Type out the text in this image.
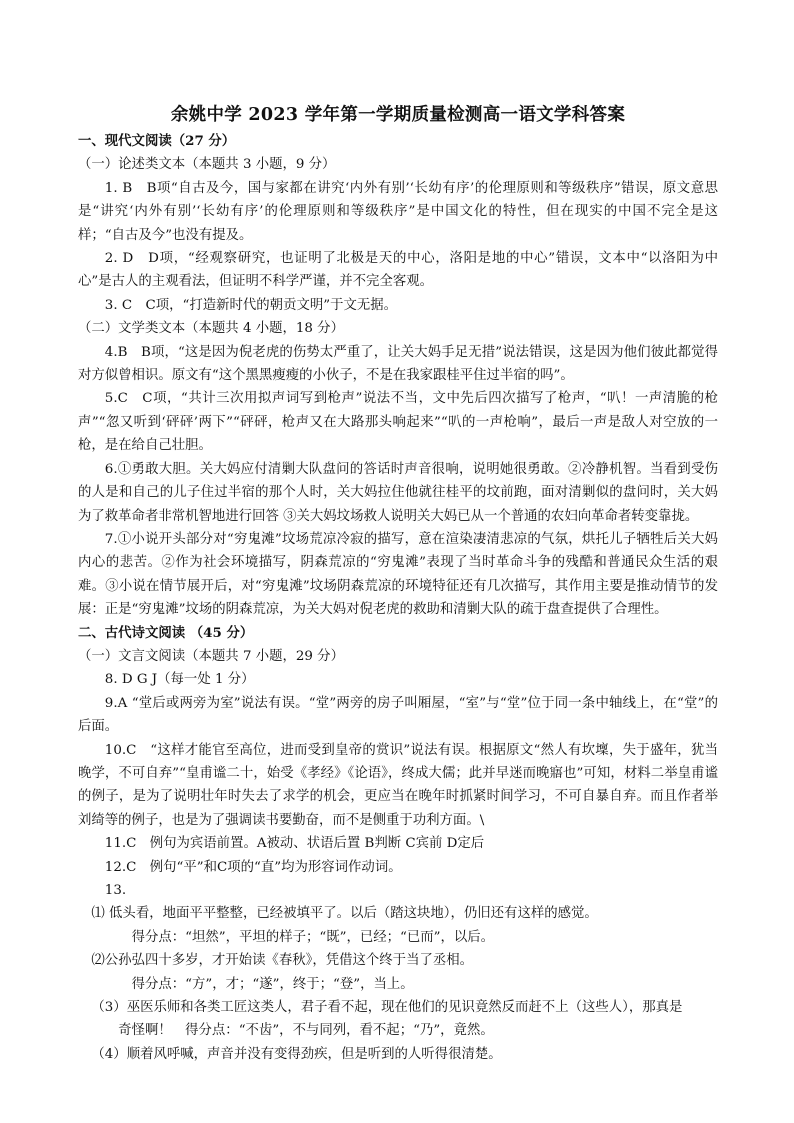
余姚中学 2023 学年第一学期质量检测高一语文学科答案

一、现代文阅读（27 分）

（一）论述类文本（本题共 3 小题，9 分）

1. B　B项“自古及今，国与家都在讲究‘内外有别’‘长幼有序’的伦理原则和等级秩序”错误，原文意思是“讲究‘内外有别’‘长幼有序’的伦理原则和等级秩序”是中国文化的特性，但在现实的中国不完全是这样；“自古及今”也没有提及。

2. D　D项，“经观察研究，也证明了北极是天的中心，洛阳是地的中心”错误，文本中“以洛阳为中心”是古人的主观看法，但证明不科学严谨，并不完全客观。

3. C　C项，“打造新时代的朝贡文明”于文无据。

（二）文学类文本（本题共 4 小题，18 分）

4.B　B项，“这是因为倪老虎的伤势太严重了，让关大妈手足无措”说法错误，这是因为他们彼此都觉得对方似曾相识。原文有“这个黑黑瘦瘦的小伙子，不是在我家跟桂平住过半宿的吗”。

5.C　C项，“共计三次用拟声词写到枪声”说法不当，文中先后四次描写了枪声，“叭！一声清脆的枪声”“忽又听到‘砰砰’两下”“砰砰，枪声又在大路那头响起来”“叭的一声枪响”，最后一声是敌人对空放的一枪，是在给自己壮胆。

6.①勇敢大胆。关大妈应付清剿大队盘问的答话时声音很响，说明她很勇敢。②冷静机智。当看到受伤的人是和自己的儿子住过半宿的那个人时，关大妈拉住他就往桂平的坟前跑，面对清剿似的盘问时，关大妈为了救革命者非常机智地进行回答 ③关大妈坟场救人说明关大妈已从一个普通的农妇向革命者转变靠拢。

7.①小说开头部分对“穷鬼滩”坟场荒凉冷寂的描写，意在渲染凄清悲凉的气氛，烘托儿子牺牲后关大妈内心的悲苦。②作为社会环境描写，阴森荒凉的“穷鬼滩”表现了当时革命斗争的残酷和普通民众生活的艰难。③小说在情节展开后，对“穷鬼滩”坟场阴森荒凉的环境特征还有几次描写，其作用主要是推动情节的发展：正是“穷鬼滩”坟场的阴森荒凉，为关大妈对倪老虎的救助和清剿大队的疏于盘查提供了合理性。

二、古代诗文阅读 （45 分）

（一）文言文阅读（本题共 7 小题，29 分）

8. D G J（每一处 1 分）

9.A “堂后或两旁为室”说法有误。“堂”两旁的房子叫厢屋，“室”与“堂”位于同一条中轴线上，在“堂”的后面。

10.C　“这样才能官至高位，进而受到皇帝的赏识”说法有误。根据原文“然人有坎壈，失于盛年，犹当晚学，不可自弃”“皇甫谧二十，始受《孝经》《论语》，终成大儒；此并早迷而晚寤也”可知，材料二举皇甫谧的例子，是为了说明壮年时失去了求学的机会，更应当在晚年时抓紧时间学习，不可自暴自弃。而且作者举刘绮等的例子，也是为了强调读书要勤奋，而不是侧重于功利方面。\

11.C　例句为宾语前置。A被动、状语后置 B判断 C宾前 D定后

12.C　例句“平”和C项的“直”均为形容词作动词。

13.

⑴ 低头看，地面平平整整，已经被填平了。以后（踏这块地），仍旧还有这样的感觉。

得分点：“坦然”，平坦的样子；“既”，已经；“已而”，以后。

⑵公孙弘四十多岁，才开始读《春秋》，凭借这个终于当了丞相。

得分点：“方”，才；“遂”，终于；“登”，当上。

（3）巫医乐师和各类工匠这类人，君子看不起，现在他们的见识竟然反而赶不上（这些人），那真是
奇怪啊！　得分点：“不齿”，不与同列，看不起；“乃”，竟然。

（4）顺着风呼喊，声音并没有变得劲疾，但是听到的人听得很清楚。
